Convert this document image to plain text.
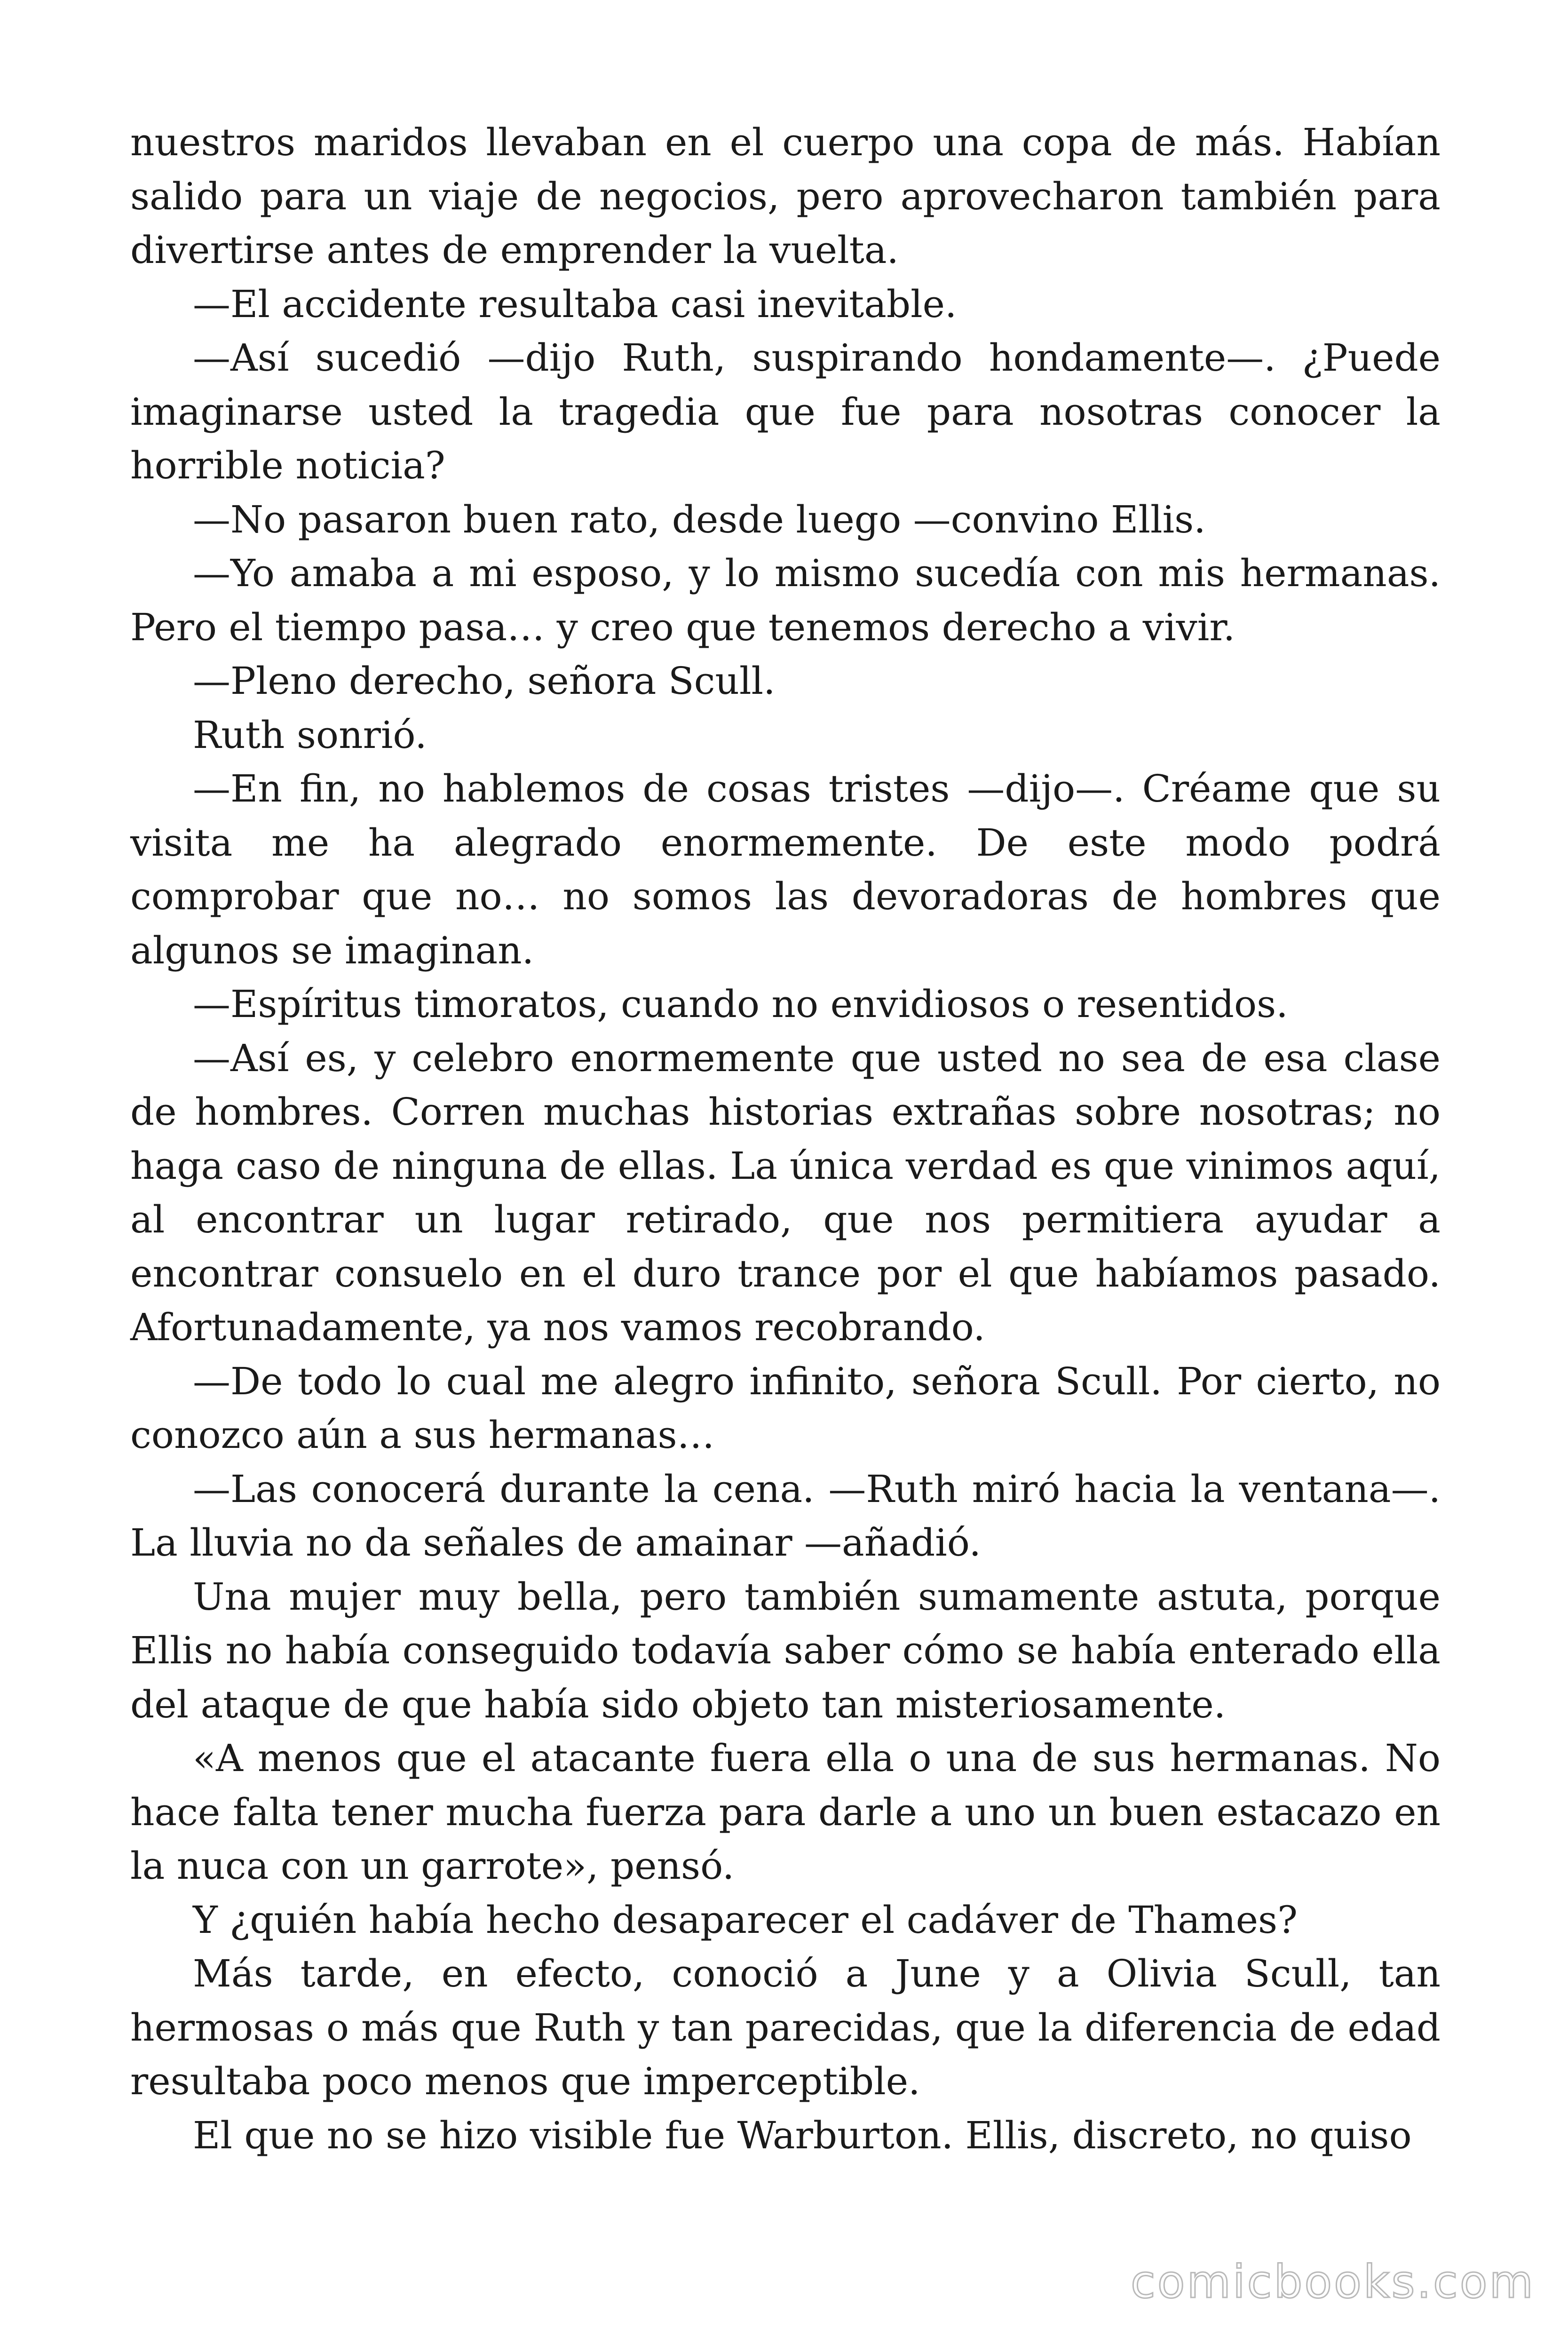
nuestros maridos llevaban en el cuerpo una copa de más. Habían salido para un viaje de negocios, pero aprovecharon también para divertirse antes de emprender la vuelta.

—El accidente resultaba casi inevitable.

—Así sucedió —dijo Ruth, suspirando hondamente—. ¿Puede imaginarse usted la tragedia que fue para nosotras conocer la horrible noticia?

—No pasaron buen rato, desde luego —convino Ellis.

—Yo amaba a mi esposo, y lo mismo sucedía con mis hermanas. Pero el tiempo pasa… y creo que tenemos derecho a vivir.

—Pleno derecho, señora Scull.

Ruth sonrió.

—En fin, no hablemos de cosas tristes —dijo—. Créame que su visita me ha alegrado enormemente. De este modo podrá comprobar que no… no somos las devoradoras de hombres que algunos se imaginan.

—Espíritus timoratos, cuando no envidiosos o resentidos.

—Así es, y celebro enormemente que usted no sea de esa clase de hombres. Corren muchas historias extrañas sobre nosotras; no haga caso de ninguna de ellas. La única verdad es que vinimos aquí, al encontrar un lugar retirado, que nos permitiera ayudar a encontrar consuelo en el duro trance por el que habíamos pasado. Afortunadamente, ya nos vamos recobrando.

—De todo lo cual me alegro infinito, señora Scull. Por cierto, no conozco aún a sus hermanas…

—Las conocerá durante la cena. —Ruth miró hacia la ventana—. La lluvia no da señales de amainar —añadió.

Una mujer muy bella, pero también sumamente astuta, porque Ellis no había conseguido todavía saber cómo se había enterado ella del ataque de que había sido objeto tan misteriosamente.

«A menos que el atacante fuera ella o una de sus hermanas. No hace falta tener mucha fuerza para darle a uno un buen estacazo en la nuca con un garrote», pensó.

Y ¿quién había hecho desaparecer el cadáver de Thames?

Más tarde, en efecto, conoció a June y a Olivia Scull, tan hermosas o más que Ruth y tan parecidas, que la diferencia de edad resultaba poco menos que imperceptible.

El que no se hizo visible fue Warburton. Ellis, discreto, no quiso

comicbooks.com
